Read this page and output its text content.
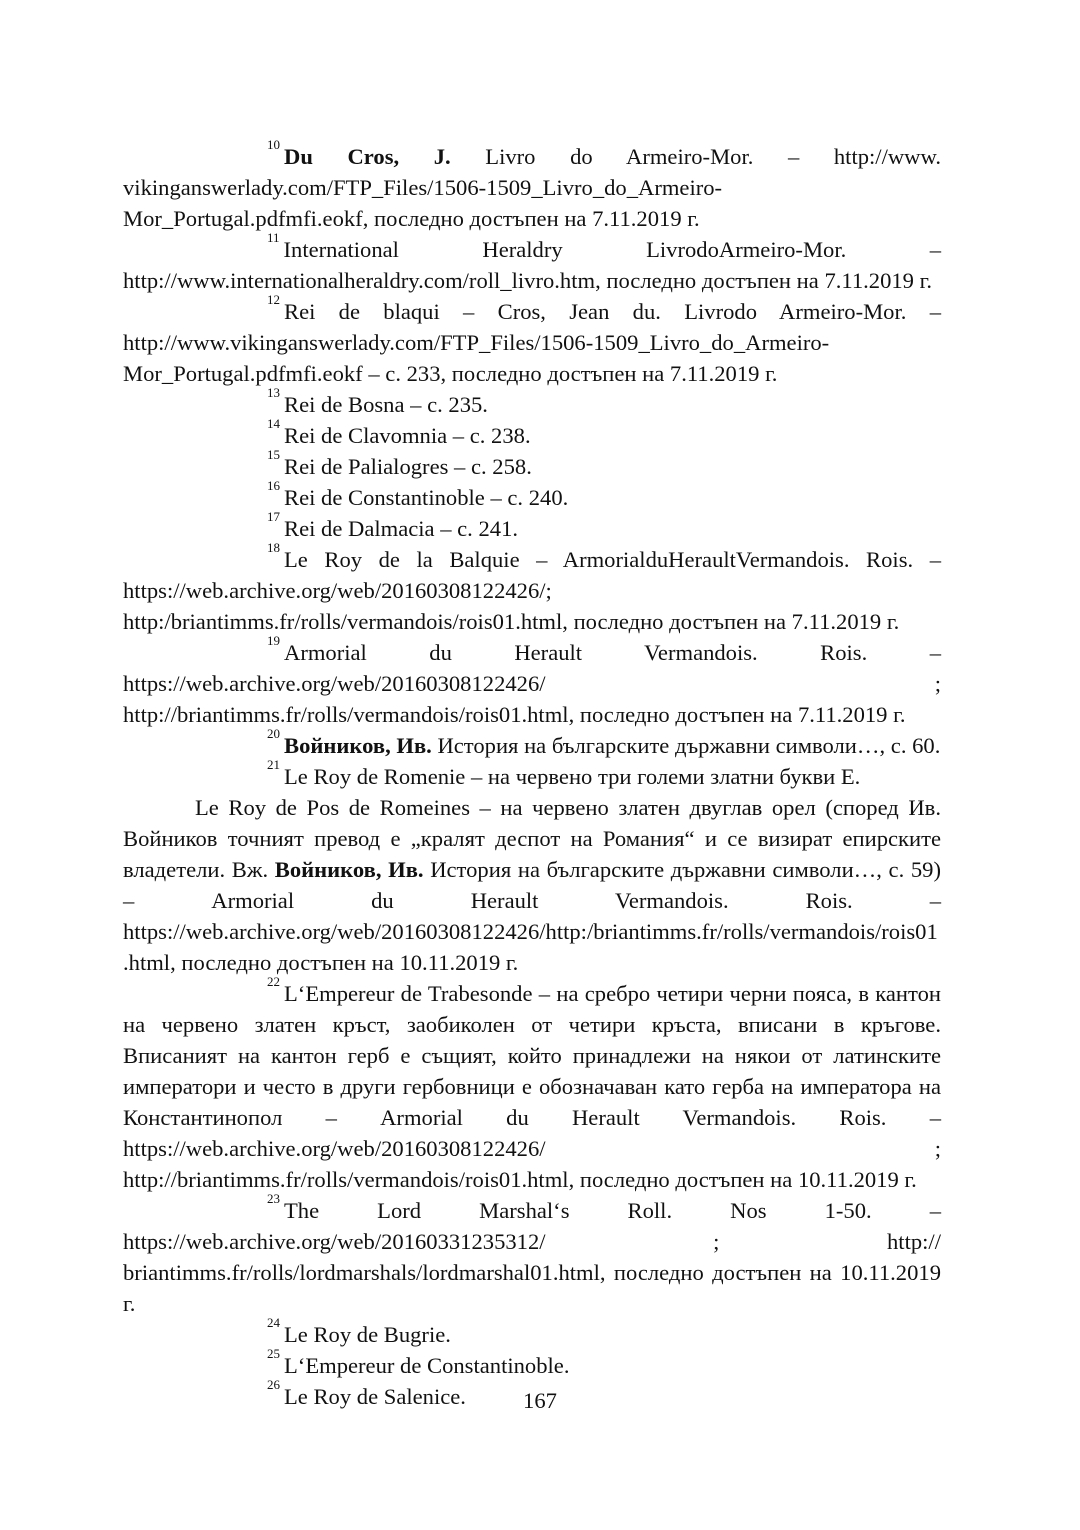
$^{10}$ Du Cros, J. Livro do Armeiro-Mor. – http://www. vikinganswerlady.com/FTP_Files/1506-1509_Livro_do_Armeiro-Mor_Portugal.pdfmfi.eokf, последно достъпен на 7.11.2019 г.

$^{11}$ International Heraldry LivrodoArmeiro-Mor. – http://www.internationalheraldry.com/roll_livro.htm, последно достъпен на 7.11.2019 г.

$^{12}$ Rei de blaqui – Cros, Jean du. Livrodo Armeiro-Mor. – http://www.vikinganswerlady.com/FTP_Files/1506-1509_Livro_do_Armeiro-Mor_Portugal.pdfmfi.eokf – с. 233, последно достъпен на 7.11.2019 г.

$^{13}$ Rei de Bosna – с. 235.

$^{14}$ Rei de Clavomnia – с. 238.

$^{15}$ Rei de Palialogres – с. 258.

$^{16}$ Rei de Constantinoble – с. 240.

$^{17}$ Rei de Dalmacia – с. 241.

$^{18}$ Le Roy de la Balquie – ArmorialduHeraultVermandois. Rois. – https://web.archive.org/web/20160308122426/; http:/briantimms.fr/rolls/vermandois/rois01.html, последно достъпен на 7.11.2019 г.

$^{19}$ Armorial du Herault Vermandois. Rois. – https://web.archive.org/web/20160308122426/ ; http://briantimms.fr/rolls/vermandois/rois01.html, последно достъпен на 7.11.2019 г.

$^{20}$ Войников, Ив. История на българските държавни символи…, с. 60.

$^{21}$ Le Roy de Romenie – на червено три големи златни букви Е.

Le Roy de Pos de Romeines – на червено златен двуглав орел (според Ив. Войников точният превод е „кралят деспот на Романия“ и се визират епирските владетели. Вж. Войников, Ив. История на българските държавни символи…, с. 59) – Armorial du Herault Vermandois. Rois. – https://web.archive.org/web/20160308122426/http:/briantimms.fr/rolls/vermandois/rois01.html, последно достъпен на 10.11.2019 г.

$^{22}$ L‘Empereur de Trabesonde – на сребро четири черни пояса, в кантон на червено златен кръст, заобиколен от четири кръста, вписани в кръгове. Вписаният на кантон герб е същият, който принадлежи на някои от латинските императори и често в други гербовници е обозначаван като герба на императора на Константинопол – Armorial du Herault Vermandois. Rois. – https://web.archive.org/web/20160308122426/ ; http://briantimms.fr/rolls/vermandois/rois01.html, последно достъпен на 10.11.2019 г.

$^{23}$ The Lord Marshal‘s Roll. Nos 1-50. – https://web.archive.org/web/20160331235312/ ; http:// briantimms.fr/rolls/lordmarshals/lordmarshal01.html, последно достъпен на 10.11.2019 г.

$^{24}$ Le Roy de Bugrie.

$^{25}$ L‘Empereur de Constantinoble.

$^{26}$ Le Roy de Salenice.	167
